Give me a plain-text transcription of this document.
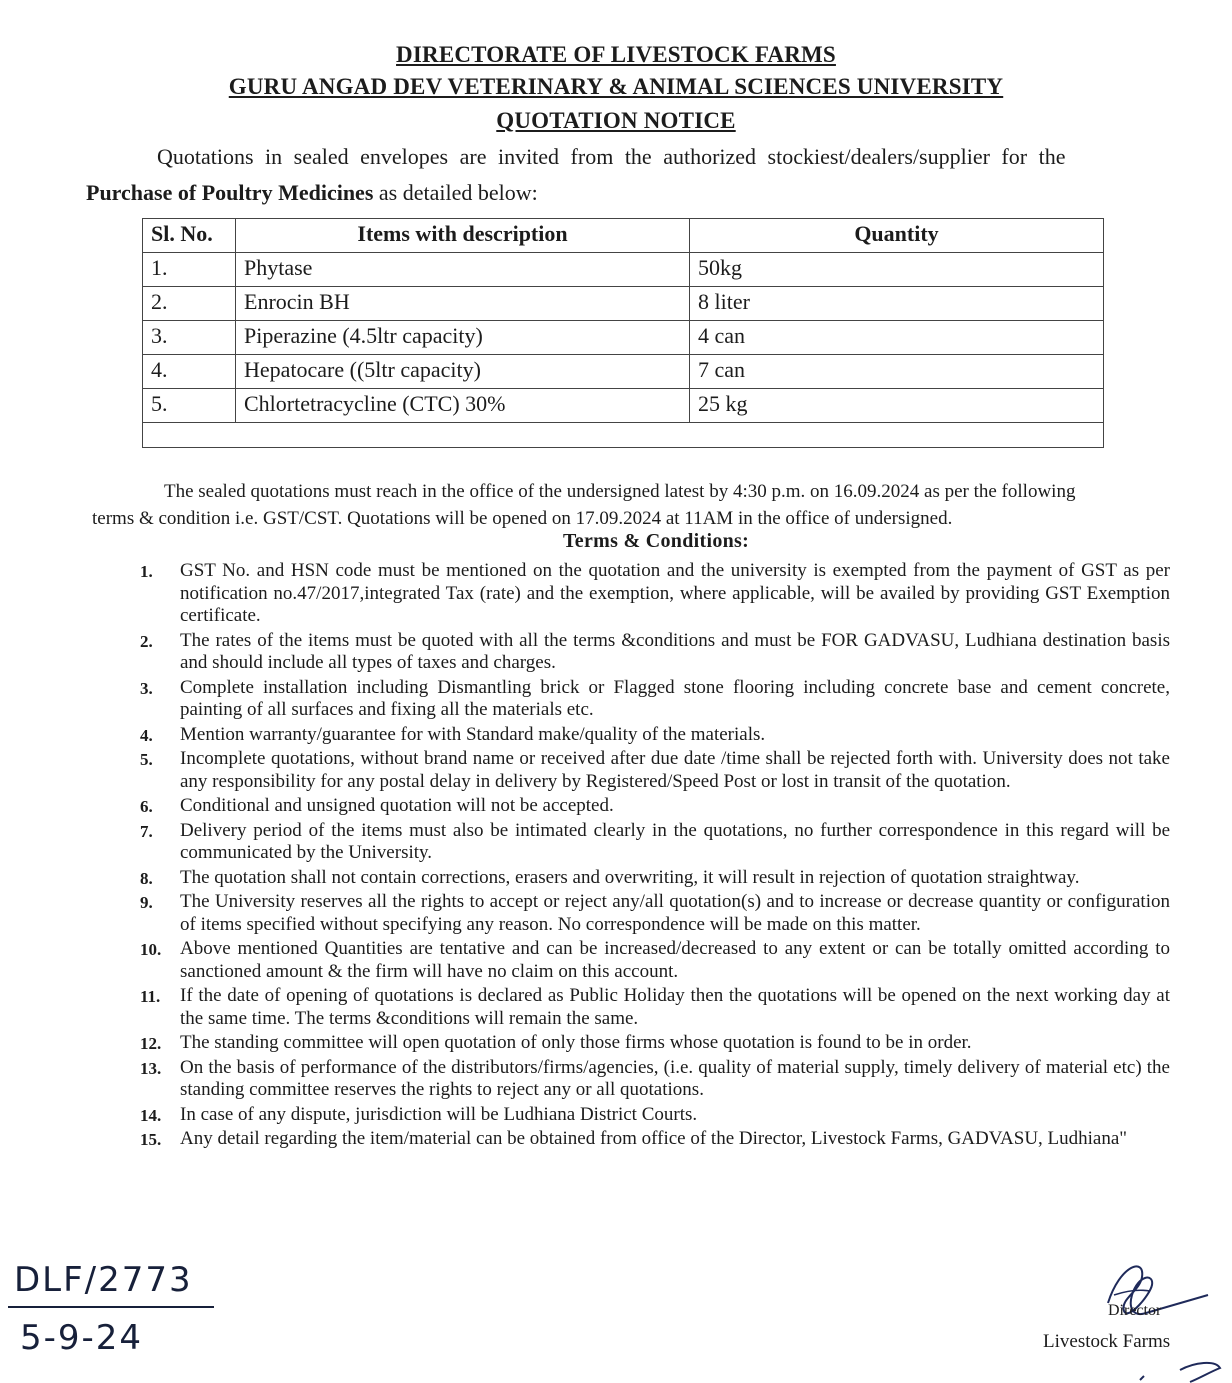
DIRECTORATE OF LIVESTOCK FARMS
GURU ANGAD DEV VETERINARY & ANIMAL SCIENCES UNIVERSITY
QUOTATION NOTICE
Quotations in sealed envelopes are invited from the authorized stockiest/dealers/supplier for the
Purchase of Poultry Medicines as detailed below:
Sl. No.	Items with description	Quantity
1.	Phytase	50kg
2.	Enrocin BH	8 liter
3.	Piperazine (4.5ltr capacity)	4 can
4.	Hepatocare ((5ltr capacity)	7 can
5.	Chlortetracycline (CTC) 30%	25 kg

The sealed quotations must reach in the office of the undersigned latest by 4:30 p.m. on 16.09.2024 as per the following
terms & condition i.e. GST/CST. Quotations will be opened on 17.09.2024 at 11AM in the office of undersigned.
Terms & Conditions:
1. GST No. and HSN code must be mentioned on the quotation and the university is exempted from the payment of GST as per notification no.47/2017,integrated Tax (rate) and the exemption, where applicable, will be availed by providing GST Exemption certificate.
2. The rates of the items must be quoted with all the terms &conditions and must be FOR GADVASU, Ludhiana destination basis and should include all types of taxes and charges.
3. Complete installation including Dismantling brick or Flagged stone flooring including concrete base and cement concrete, painting of all surfaces and fixing all the materials etc.
4. Mention warranty/guarantee for with Standard make/quality of the materials.
5. Incomplete quotations, without brand name or received after due date /time shall be rejected forth with. University does not take any responsibility for any postal delay in delivery by Registered/Speed Post or lost in transit of the quotation.
6. Conditional and unsigned quotation will not be accepted.
7. Delivery period of the items must also be intimated clearly in the quotations, no further correspondence in this regard will be communicated by the University.
8. The quotation shall not contain corrections, erasers and overwriting, it will result in rejection of quotation straightway.
9. The University reserves all the rights to accept or reject any/all quotation(s) and to increase or decrease quantity or configuration of items specified without specifying any reason. No correspondence will be made on this matter.
10. Above mentioned Quantities are tentative and can be increased/decreased to any extent or can be totally omitted according to sanctioned amount & the firm will have no claim on this account.
11. If the date of opening of quotations is declared as Public Holiday then the quotations will be opened on the next working day at the same time. The terms &conditions will remain the same.
12. The standing committee will open quotation of only those firms whose quotation is found to be in order.
13. On the basis of performance of the distributors/firms/agencies, (i.e. quality of material supply, timely delivery of material etc) the standing committee reserves the rights to reject any or all quotations.
14. In case of any dispute, jurisdiction will be Ludhiana District Courts.
15. Any detail regarding the item/material can be obtained from office of the Director, Livestock Farms, GADVASU, Ludhiana"
DLF/2773
5-9-24
Director
Livestock Farms
